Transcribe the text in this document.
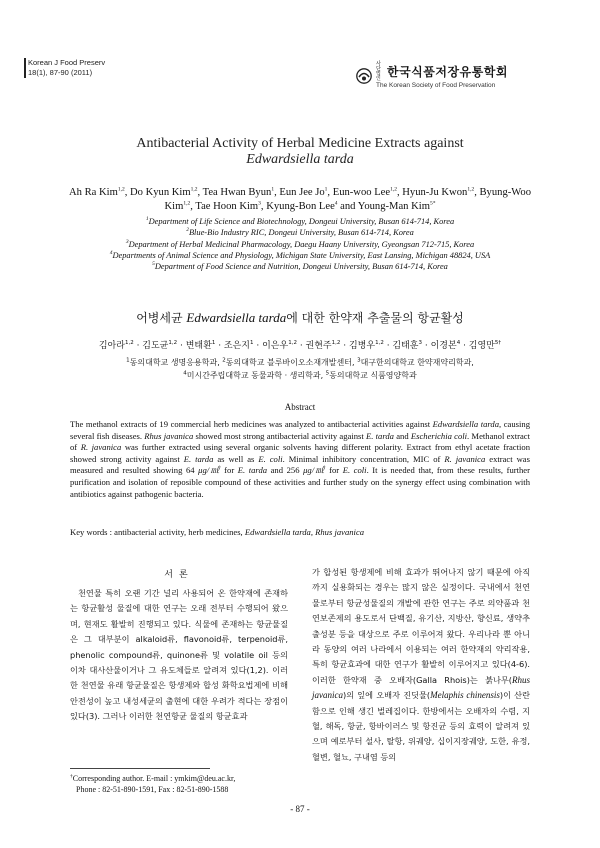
Korean J Food Preserv
18(1), 87-90 (2011)
사단법인
한국식품저장유통학회
The Korean Society of Food Preservation
Antibacterial Activity of Herbal Medicine Extracts against
Edwardsiella tarda
Ah Ra Kim$^{1,2}$, Do Kyun Kim$^{1,2}$, Tea Hwan Byun$^1$, Eun Jee Jo$^1$, Eun-woo Lee$^{1,2}$, Hyun-Ju Kwon$^{1,2}$, Byung-Woo Kim$^{1,2}$, Tae Hoon Kim$^3$, Kyung-Bon Lee$^4$ and Young-Man Kim$^{5*}$
$^1$Department of Life Science and Biotechnology, Dongeui University, Busan 614-714, Korea
$^2$Blue-Bio Industry RIC, Dongeui University, Busan 614-714, Korea
$^3$Department of Herbal Medicinal Pharmacology, Daegu Haany University, Gyeongsan 712-715, Korea
$^4$Departments of Animal Science and Physiology, Michigan State University, East Lansing, Michigan 48824, USA
$^5$Department of Food Science and Nutrition, Dongeui University, Busan 614-714, Korea
어병세균 Edwardsiella tarda에 대한 한약재 추출물의 항균활성
김아라$^{1,2}$ · 김도균$^{1,2}$ · 변태환$^1$ · 조은지$^1$ · 이은우$^{1,2}$ · 권현주$^{1,2}$ · 김병우$^{1,2}$ · 김태훈$^3$ · 이경본$^4$ · 김영만$^{5\dagger}$
$^1$동의대학교 생명응용학과, $^2$동의대학교 블루바이오소재개발센터, $^3$대구한의대학교 한약재약리학과,
$^4$미시간주립대학교 동물과학 · 생리학과, $^5$동의대학교 식품영양학과
Abstract
The methanol extracts of 19 commercial herb medicines was analyzed to antibacterial activities against Edwardsiella tarda, causing several fish diseases. Rhus javanica showed most strong antibacterial activity against E. tarda and Escherichia coli. Methanol extract of R. javanica was further extracted using several organic solvents having different polarity. Extract from ethyl acetate fraction showed strong activity against E. tarda as well as E. coli. Minimal inhibitory concentration, MIC of R. javanica extract was measured and resulted showing 64 μg/㎖ for E. tarda and 256 μg/㎖ for E. coli. It is needed that, from these results, further purification and isolation of reposible compound of these activities and further study on the synergy effect using combination with antibiotics against pathogenic bacteria.
Key words : antibacterial activity, herb medicines, Edwardsiella tarda, Rhus javanica
서론
천연물 특히 오랜 기간 널리 사용되어 온 한약재에 존재하는 항균활성 물질에 대한 연구는 오래 전부터 수행되어 왔으며, 현재도 활발히 진행되고 있다. 식물에 존재하는 항균물질은 그 대부분이 alkaloid류, flavonoid류, terpenoid류, phenolic compound류, quinone류 및 volatile oil 등의 이차 대사산물이거나 그 유도체들로 알려져 있다(1,2). 이러한 천연물 유래 항균물질은 항생제와 합성 화학요법제에 비해 안전성이 높고 내성세균의 출현에 대한 우려가 적다는 장점이 있다(3). 그러나 이러한 천연항균 물질의 항균효과
가 합성된 항생제에 비해 효과가 뛰어나지 않기 때문에 아직까지 실용화되는 경우는 많지 않은 실정이다. 국내에서 천연물로부터 항균성물질의 개발에 관한 연구는 주로 의약품과 천연보존제의 용도로서 단백질, 유기산, 지방산, 향신료, 생약추출성분 등을 대상으로 주로 이루어져 왔다. 우리나라 뿐 아니라 동양의 여러 나라에서 이용되는 여러 한약재의 약리작용, 특히 항균효과에 대한 연구가 활발히 이루어지고 있다(4-6). 이러한 한약재 중 오배자(Galla Rhois)는 붉나무(Rhus javanica)의 잎에 오배자 진딧물(Melaphis chinensis)이 산란함으로 인해 생긴 벌레집이다. 한방에서는 오배자의 수렴, 지혈, 해독, 항균, 항바이러스 및 항진균 등의 효력이 알려져 있으며 예로부터 설사, 탈항, 위궤양, 십이지장궤양, 도한, 유정, 혈변, 혈뇨, 구내염 등의
†Corresponding author. E-mail : ymkim@deu.ac.kr,
Phone : 82-51-890-1591, Fax : 82-51-890-1588
- 87 -
